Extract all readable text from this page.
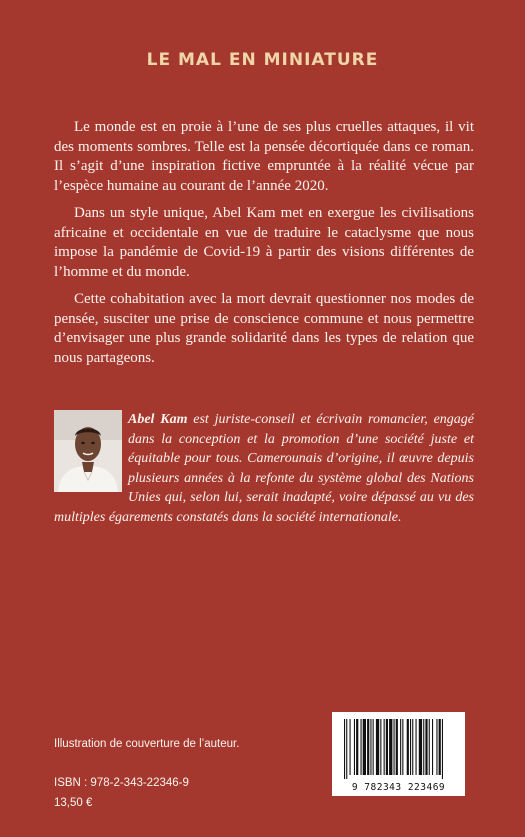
LE MAL EN MINIATURE

Le monde est en proie à l’une de ses plus cruelles attaques, il vit des moments sombres. Telle est la pensée décortiquée dans ce roman. Il s’agit d’une inspiration fictive empruntée à la réalité vécue par l’espèce humaine au courant de l’année 2020.

Dans un style unique, Abel Kam met en exergue les civilisations africaine et occidentale en vue de traduire le cataclysme que nous impose la pandémie de Covid-19 à partir des visions différentes de l’homme et du monde.

Cette cohabitation avec la mort devrait questionner nos modes de pensée, susciter une prise de conscience commune et nous permettre d’envisager une plus grande solidarité dans les types de relation que nous partageons.

Abel Kam est juriste-conseil et écrivain romancier, engagé dans la conception et la promotion d’une société juste et équitable pour tous. Camerounais d’origine, il œuvre depuis plusieurs années à la refonte du système global des Nations Unies qui, selon lui, serait inadapté, voire dépassé au vu des multiples égarements constatés dans la société internationale.
Illustration de couverture de l’auteur.
ISBN : 978-2-343-22346-9
13,50 €
9 782343 223469
